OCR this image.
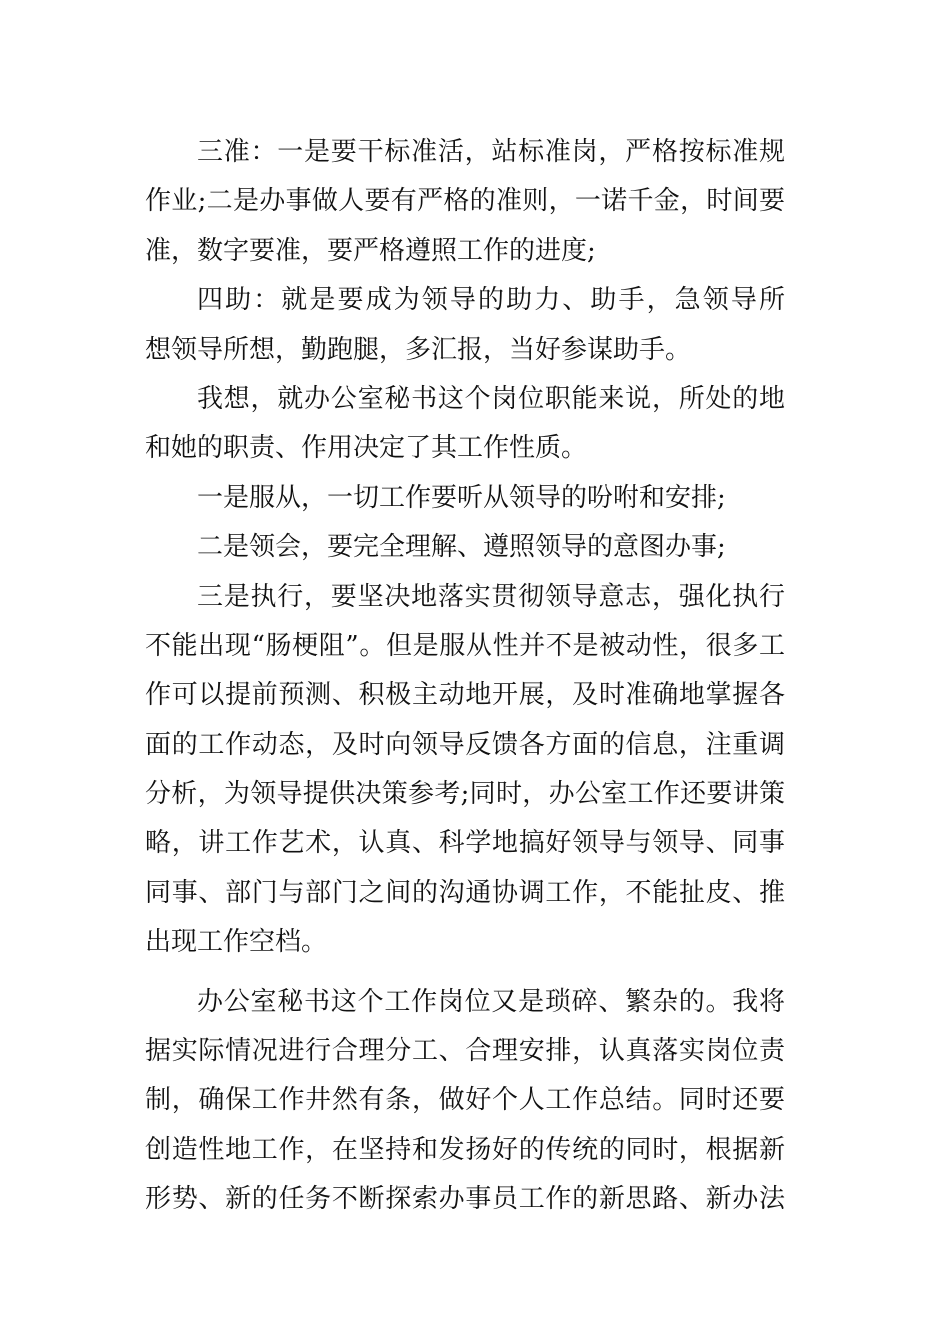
三准：一是要干标准活，站标准岗，严格按标准规
作业;二是办事做人要有严格的准则，一诺千金，时间要
准，数字要准，要严格遵照工作的进度;
四助：就是要成为领导的助力、助手，急领导所
想领导所想，勤跑腿，多汇报，当好参谋助手。
我想，就办公室秘书这个岗位职能来说，所处的地
和她的职责、作用决定了其工作性质。
一是服从，一切工作要听从领导的吩咐和安排;
二是领会，要完全理解、遵照领导的意图办事;
三是执行，要坚决地落实贯彻领导意志，强化执行
不能出现“肠梗阻”。但是服从性并不是被动性，很多工
作可以提前预测、积极主动地开展，及时准确地掌握各
面的工作动态，及时向领导反馈各方面的信息，注重调
分析，为领导提供决策参考;同时，办公室工作还要讲策
略，讲工作艺术，认真、科学地搞好领导与领导、同事
同事、部门与部门之间的沟通协调工作，不能扯皮、推
出现工作空档。
办公室秘书这个工作岗位又是琐碎、繁杂的。我将
据实际情况进行合理分工、合理安排，认真落实岗位责
制，确保工作井然有条，做好个人工作总结。同时还要
创造性地工作，在坚持和发扬好的传统的同时，根据新
形势、新的任务不断探索办事员工作的新思路、新办法
